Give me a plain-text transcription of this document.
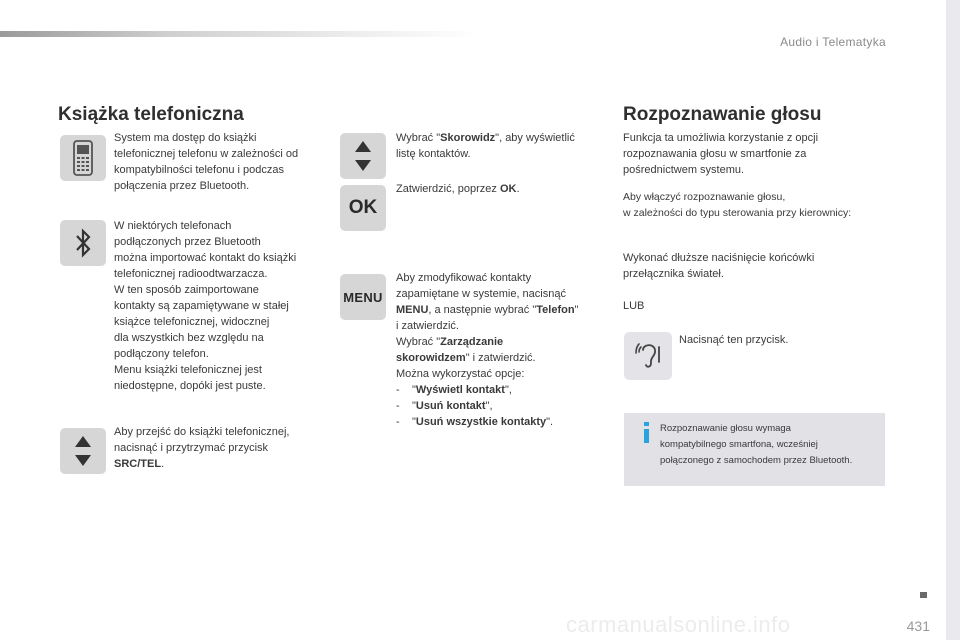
Audio i Telematyka
Książka telefoniczna
System ma dostęp do książki
telefonicznej telefonu w zależności od
kompatybilności telefonu i podczas
połączenia przez Bluetooth.
W niektórych telefonach
podłączonych przez Bluetooth
można importować kontakt do książki
telefonicznej radioodtwarzacza.
W ten sposób zaimportowane
kontakty są zapamiętywane w stałej
książce telefonicznej, widocznej
dla wszystkich bez względu na
podłączony telefon.
Menu książki telefonicznej jest
niedostępne, dopóki jest puste.
Aby przejść do książki telefonicznej,
nacisnąć i przytrzymać przycisk
SRC/TEL.
Wybrać "Skorowidz", aby wyświetlić
listę kontaktów.
OK
Zatwierdzić, poprzez OK.
MENU
Aby zmodyfikować kontakty
zapamiętane w systemie, nacisnąć
MENU, a następnie wybrać "Telefon"
i zatwierdzić.
Wybrać "Zarządzanie
skorowidzem" i zatwierdzić.
Można wykorzystać opcje:
- "Wyświetl kontakt",
- "Usuń kontakt",
- "Usuń wszystkie kontakty".
Rozpoznawanie głosu
Funkcja ta umożliwia korzystanie z opcji
rozpoznawania głosu w smartfonie za
pośrednictwem systemu.
Aby włączyć rozpoznawanie głosu,
w zależności do typu sterowania przy kierownicy:
Wykonać dłuższe naciśnięcie końcówki
przełącznika świateł.
LUB
Nacisnąć ten przycisk.
Rozpoznawanie głosu wymaga
kompatybilnego smartfona, wcześniej
połączonego z samochodem przez Bluetooth.
carmanualsonline.info	431
